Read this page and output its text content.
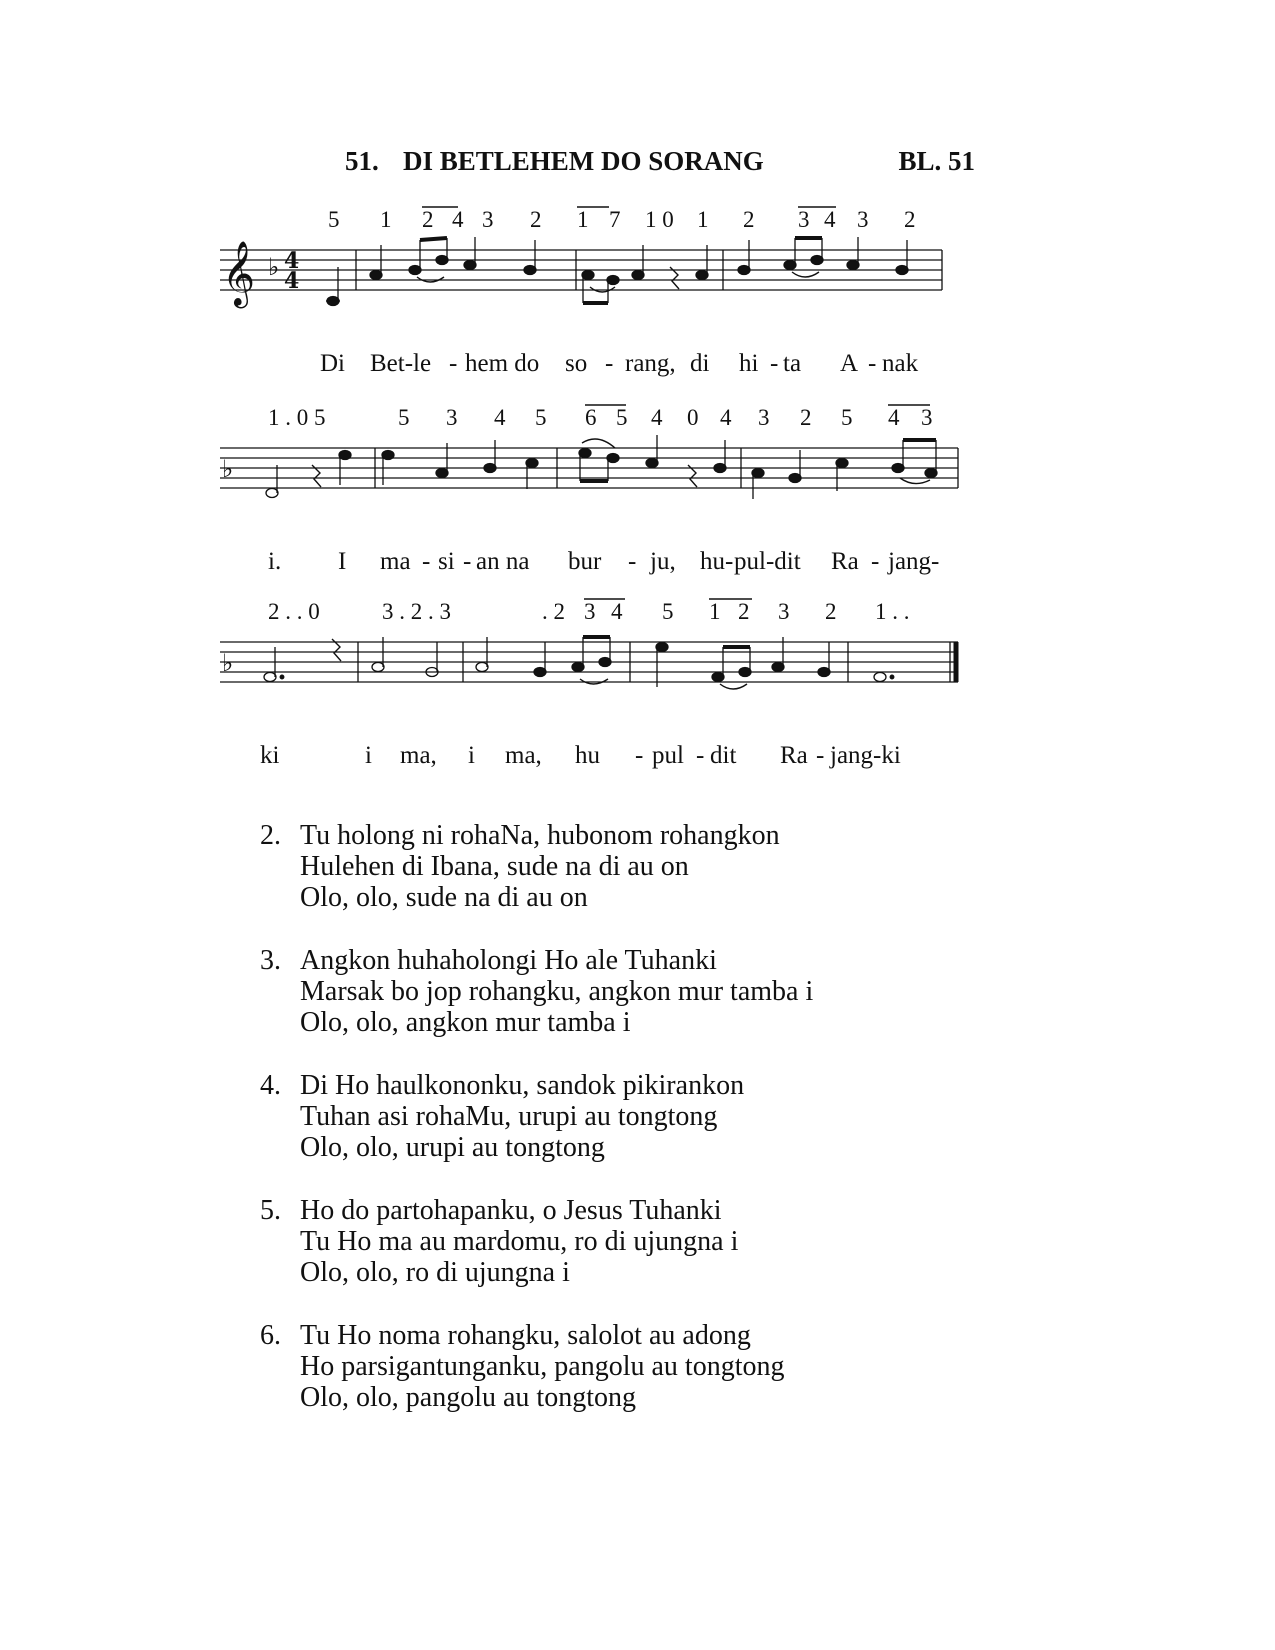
51. DI BETLEHEM DO SORANG	BL. 51
5 1 2 4 3 2 1 7 1 0 1 2 3 4 3 2
𝄞 ♭ 4
4
Di Bet-le - hem do so - rang, di hi - ta A - nak
1 . 0 5	5 3 4 5 6 5 4 0 4 3 2 5 4 3
♭
i. I ma - si - an na bur - ju, hu- pul-dit Ra - jang-
2 . . 0	3 . 2 . 3	. 2 3 4 5 1 2 3 2 1 . .
♭
ki	i ma, i ma, hu - pul - dit Ra - jang-ki
2. Tu holong ni rohaNa, hubonom rohangkon
Hulehen di Ibana, sude na di au on
Olo, olo, sude na di au on
3. Angkon huhaholongi Ho ale Tuhanki
Marsak bo jop rohangku, angkon mur tamba i
Olo, olo, angkon mur tamba i
4. Di Ho haulkononku, sandok pikirankon
Tuhan asi rohaMu, urupi au tongtong
Olo, olo, urupi au tongtong
5. Ho do partohapanku, o Jesus Tuhanki
Tu Ho ma au mardomu, ro di ujungna i
Olo, olo, ro di ujungna i
6. Tu Ho noma rohangku, salolot au adong
Ho parsigantunganku, pangolu au tongtong
Olo, olo, pangolu au tongtong
